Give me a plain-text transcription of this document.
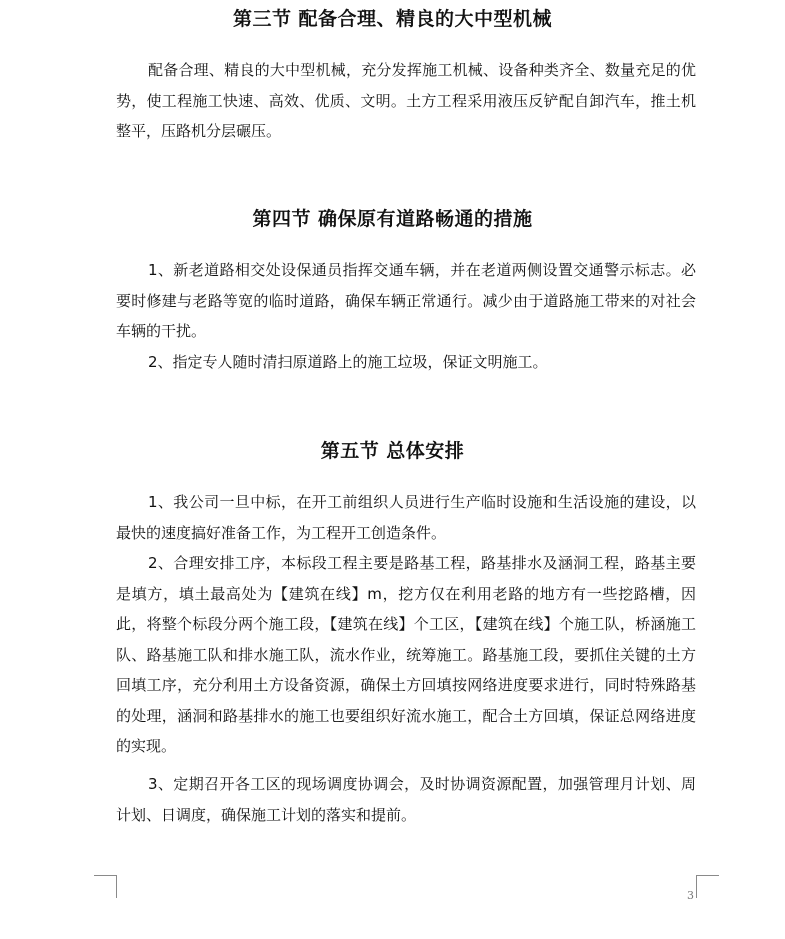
第三节 配备合理、精良的大中型机械
配备合理、精良的大中型机械，充分发挥施工机械、设备种类齐全、数量充足的优势，使工程施工快速、高效、优质、文明。土方工程采用液压反铲配自卸汽车，推土机整平，压路机分层碾压。
第四节 确保原有道路畅通的措施
1、新老道路相交处设保通员指挥交通车辆，并在老道两侧设置交通警示标志。必要时修建与老路等宽的临时道路，确保车辆正常通行。减少由于道路施工带来的对社会车辆的干扰。
2、指定专人随时清扫原道路上的施工垃圾，保证文明施工。
第五节 总体安排
1、我公司一旦中标，在开工前组织人员进行生产临时设施和生活设施的建设，以最快的速度搞好准备工作，为工程开工创造条件。
2、合理安排工序，本标段工程主要是路基工程，路基排水及涵洞工程，路基主要是填方，填土最高处为【建筑在线】m，挖方仅在利用老路的地方有一些挖路槽，因此，将整个标段分两个施工段，【建筑在线】个工区，【建筑在线】个施工队，桥涵施工队、路基施工队和排水施工队，流水作业，统筹施工。路基施工段，要抓住关键的土方回填工序，充分利用土方设备资源，确保土方回填按网络进度要求进行，同时特殊路基的处理，涵洞和路基排水的施工也要组织好流水施工，配合土方回填，保证总网络进度的实现。
3、定期召开各工区的现场调度协调会，及时协调资源配置，加强管理月计划、周计划、日调度，确保施工计划的落实和提前。
3
